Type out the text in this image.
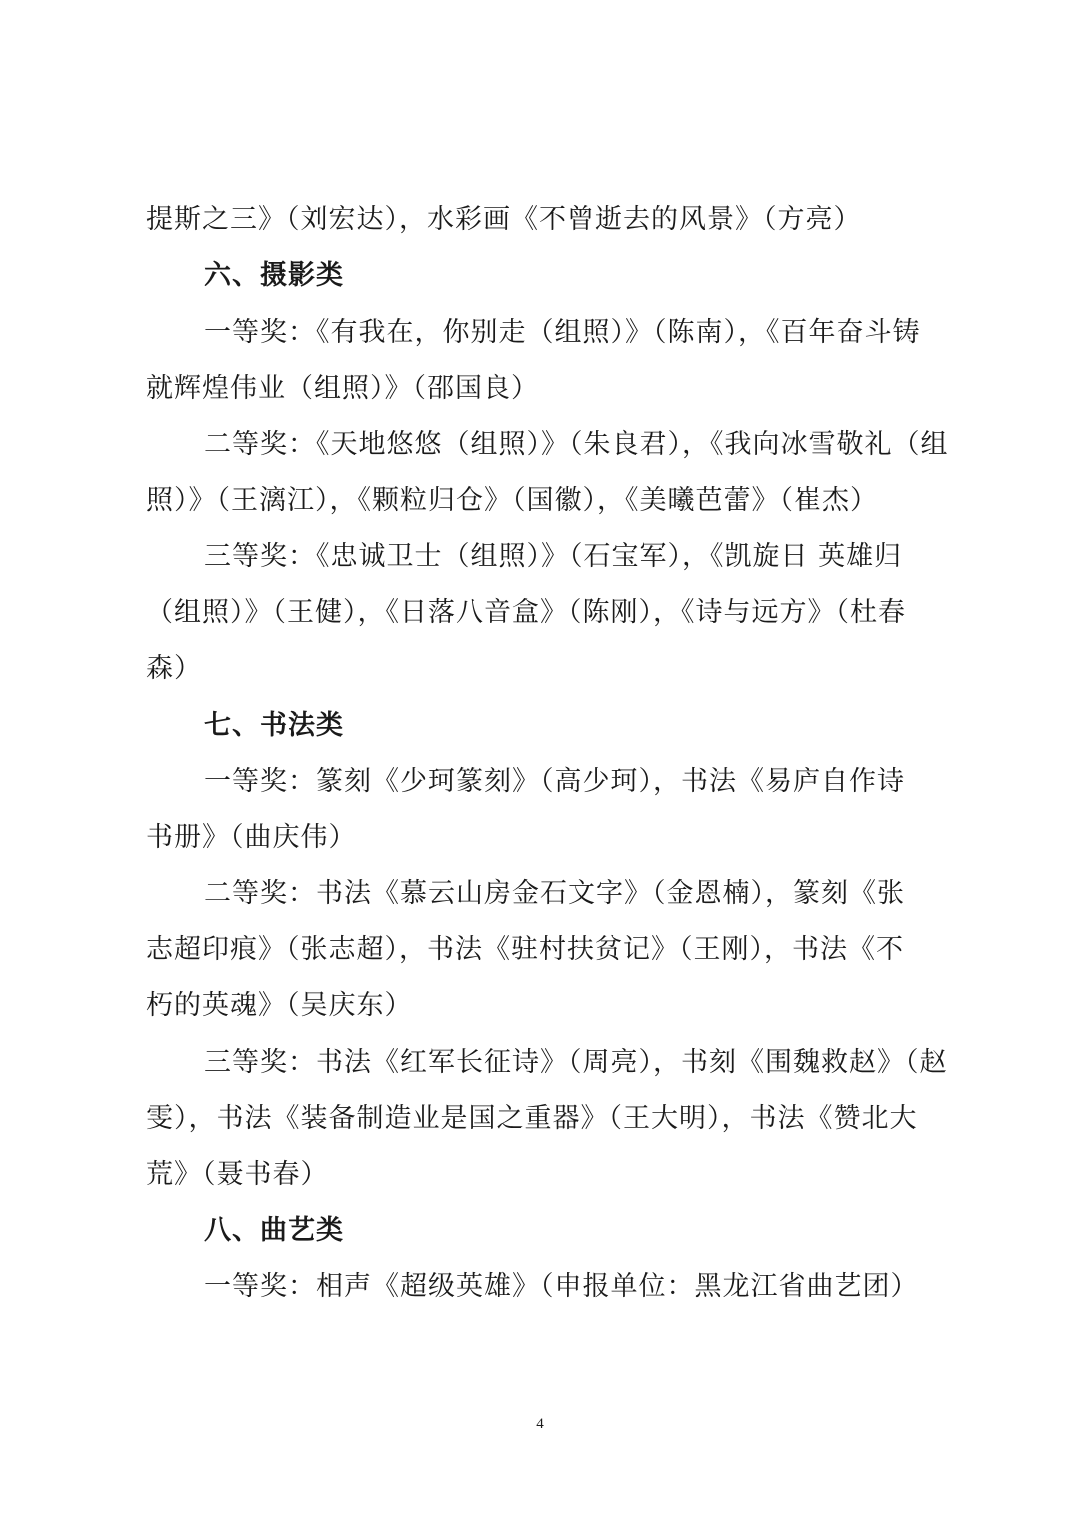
提斯之三》（刘宏达），水彩画《不曾逝去的风景》（方亮）
六、摄影类
一等奖：《有我在，你别走（组照）》（陈南），《百年奋斗铸
就辉煌伟业（组照）》（邵国良）
二等奖：《天地悠悠（组照）》（朱良君），《我向冰雪敬礼（组
照）》（王漓江），《颗粒归仓》（国徽），《美曦芭蕾》（崔杰）
三等奖：《忠诚卫士（组照）》（石宝军），《凯旋日 英雄归
（组照）》（王健），《日落八音盒》（陈刚），《诗与远方》（杜春
森）
七、书法类
一等奖：篆刻《少珂篆刻》（高少珂），书法《易庐自作诗
书册》（曲庆伟）
二等奖：书法《慕云山房金石文字》（金恩楠），篆刻《张
志超印痕》（张志超），书法《驻村扶贫记》（王刚），书法《不
朽的英魂》（吴庆东）
三等奖：书法《红军长征诗》（周亮），书刻《围魏救赵》（赵
雯），书法《装备制造业是国之重器》（王大明），书法《赞北大
荒》（聂书春）
八、曲艺类
一等奖：相声《超级英雄》（申报单位：黑龙江省曲艺团）
4
